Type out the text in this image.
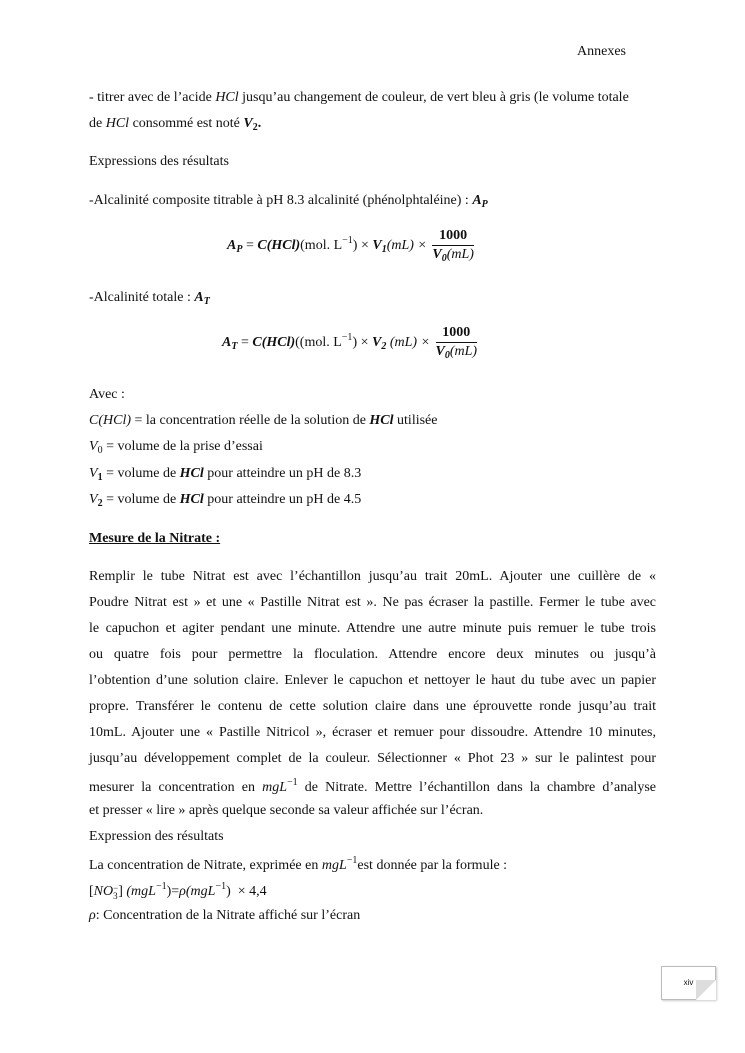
Annexes
- titrer avec de l’acide HCl jusqu’au changement de couleur, de vert bleu à gris (le volume totale
de HCl consommé est noté $V_2$.
Expressions des résultats
-Alcalinité composite titrable à pH 8.3 alcalinité (phénolphtaléine) : $A_P$
$A_P = C(HCl)(mol$. $L^{-1}) \times V_1(mL) \times \frac{1000}{V_0(mL)}$
-Alcalinité totale : $A_T$
$A_T = C(HCl)((mol$. $L^{-1}) \times V_2$ $(mL) \times \frac{1000}{V_0(mL)}$
Avec :
C(HCl) = la concentration réelle de la solution de HCl utilisée
$V_0$ = volume de la prise d’essai
$V_1$ = volume de HCl pour atteindre un pH de 8.3
$V_2$ = volume de HCl pour atteindre un pH de 4.5
Mesure de la Nitrate :
Remplir le tube Nitrat est avec l’échantillon jusqu’au trait 20mL. Ajouter une cuillère de «
Poudre Nitrat est » et une « Pastille Nitrat est ». Ne pas écraser la pastille. Fermer le tube avec
le capuchon et agiter pendant une minute. Attendre une autre minute puis remuer le tube trois
ou quatre fois pour permettre la floculation. Attendre encore deux minutes ou jusqu’à
l’obtention d’une solution claire. Enlever le capuchon et nettoyer le haut du tube avec un papier
propre. Transférer le contenu de cette solution claire dans une éprouvette ronde jusqu’au trait
10mL. Ajouter une « Pastille Nitricol », écraser et remuer pour dissoudre. Attendre 10 minutes,
jusqu’au développement complet de la couleur. Sélectionner « Phot 23 » sur le palintest pour
mesurer la concentration en mgL$^{-1}$ de Nitrate. Mettre l’échantillon dans la chambre d’analyse
et presser « lire » après quelque seconde sa valeur affichée sur l’écran.
Expression des résultats
La concentration de Nitrate, exprimée en mgL$^{-1}$est donnée par la formule :
[NO −
3 ] (mgL$^{-1}$)=ρ(mgL$^{-1}$)  × 4,4
ρ: Concentration de la Nitrate affiché sur l’écran
xiv
